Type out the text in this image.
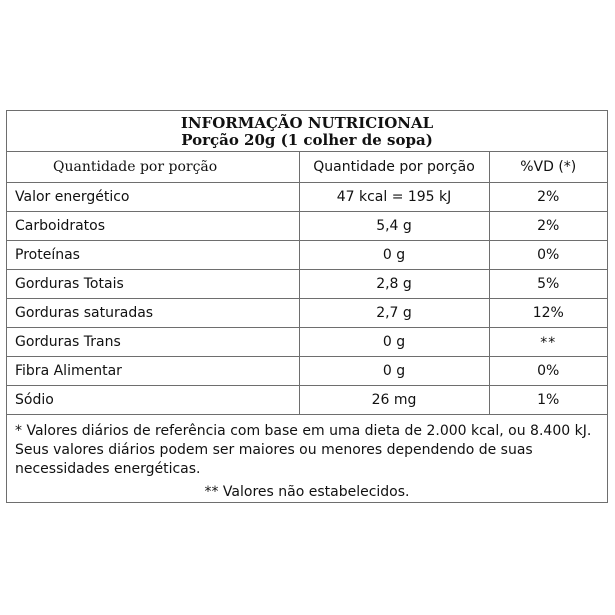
INFORMAÇÃO NUTRICIONAL
Porção 20g (1 colher de sopa)
Quantidade por porção	Quantidade por porção	%VD (*)
Valor energético	47 kcal = 195 kJ	2%
Carboidratos	5,4 g	2%
Proteínas	0 g	0%
Gorduras Totais	2,8 g	5%
Gorduras saturadas	2,7 g	12%
Gorduras Trans	0 g	**
Fibra Alimentar	0 g	0%
Sódio	26 mg	1%
* Valores diários de referência com base em uma dieta de 2.000 kcal, ou 8.400 kJ.
Seus valores diários podem ser maiores ou menores dependendo de suas
necessidades energéticas.
** Valores não estabelecidos.
